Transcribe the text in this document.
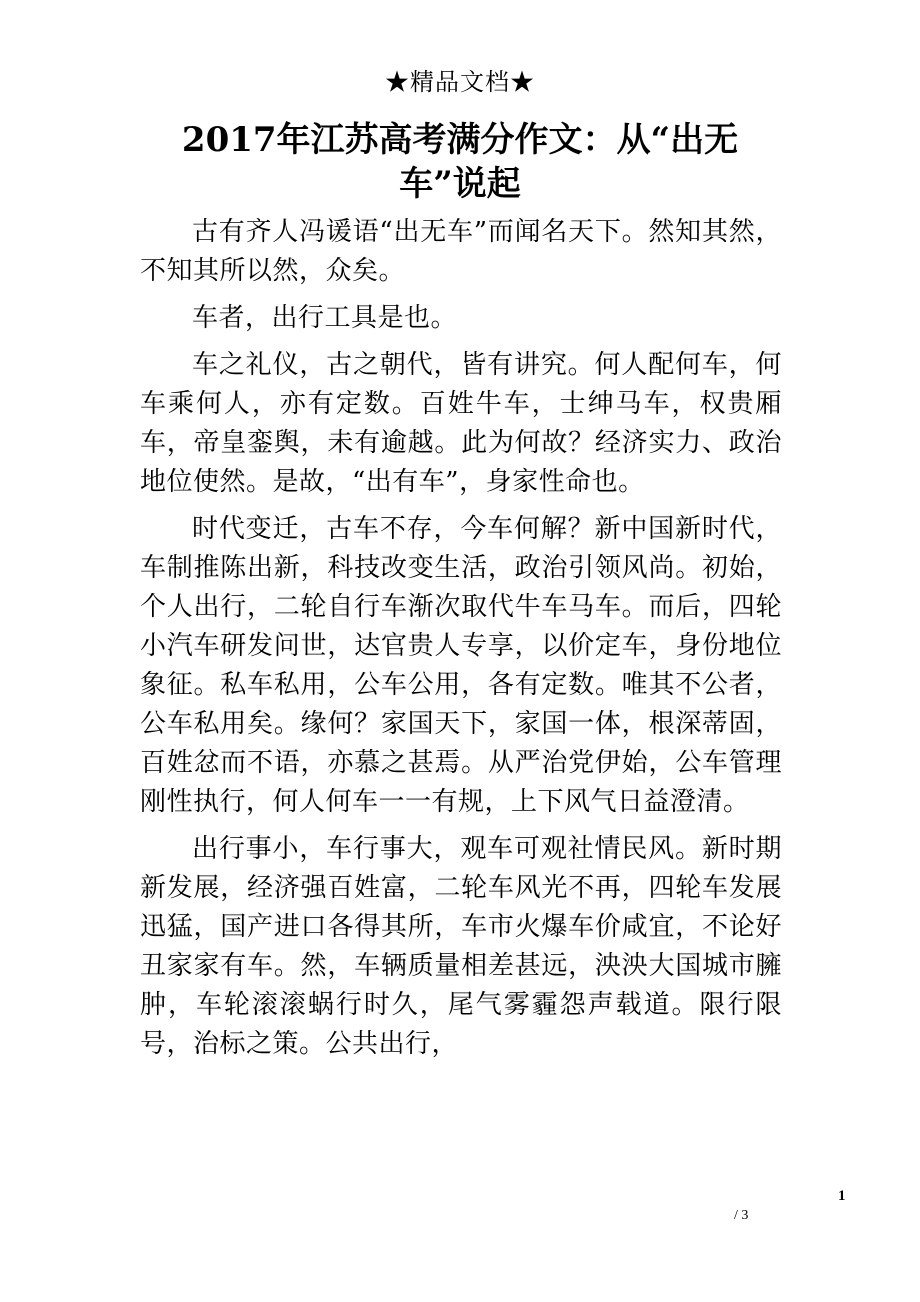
★精品文档★
2017年江苏高考满分作文：从“出无车”说起

古有齐人冯谖语“出无车”而闻名天下。然知其然，不知其所以然，众矣。

车者，出行工具是也。

车之礼仪，古之朝代，皆有讲究。何人配何车，何车乘何人，亦有定数。百姓牛车，士绅马车，权贵厢车，帝皇銮舆，未有逾越。此为何故？经济实力、政治地位使然。是故，“出有车”，身家性命也。

时代变迁，古车不存，今车何解？新中国新时代，车制推陈出新，科技改变生活，政治引领风尚。初始，个人出行，二轮自行车渐次取代牛车马车。而后，四轮小汽车研发问世，达官贵人专享，以价定车，身份地位象征。私车私用，公车公用，各有定数。唯其不公者，公车私用矣。缘何？家国天下，家国一体，根深蒂固，百姓忿而不语，亦慕之甚焉。从严治党伊始，公车管理刚性执行，何人何车一一有规，上下风气日益澄清。

出行事小，车行事大，观车可观社情民风。新时期新发展，经济强百姓富，二轮车风光不再，四轮车发展迅猛，国产进口各得其所，车市火爆车价咸宜，不论好丑家家有车。然，车辆质量相差甚远，泱泱大国城市臃肿，车轮滚滚蜗行时久，尾气雾霾怨声载道。限行限号，治标之策。公共出行，

1
/ 3
